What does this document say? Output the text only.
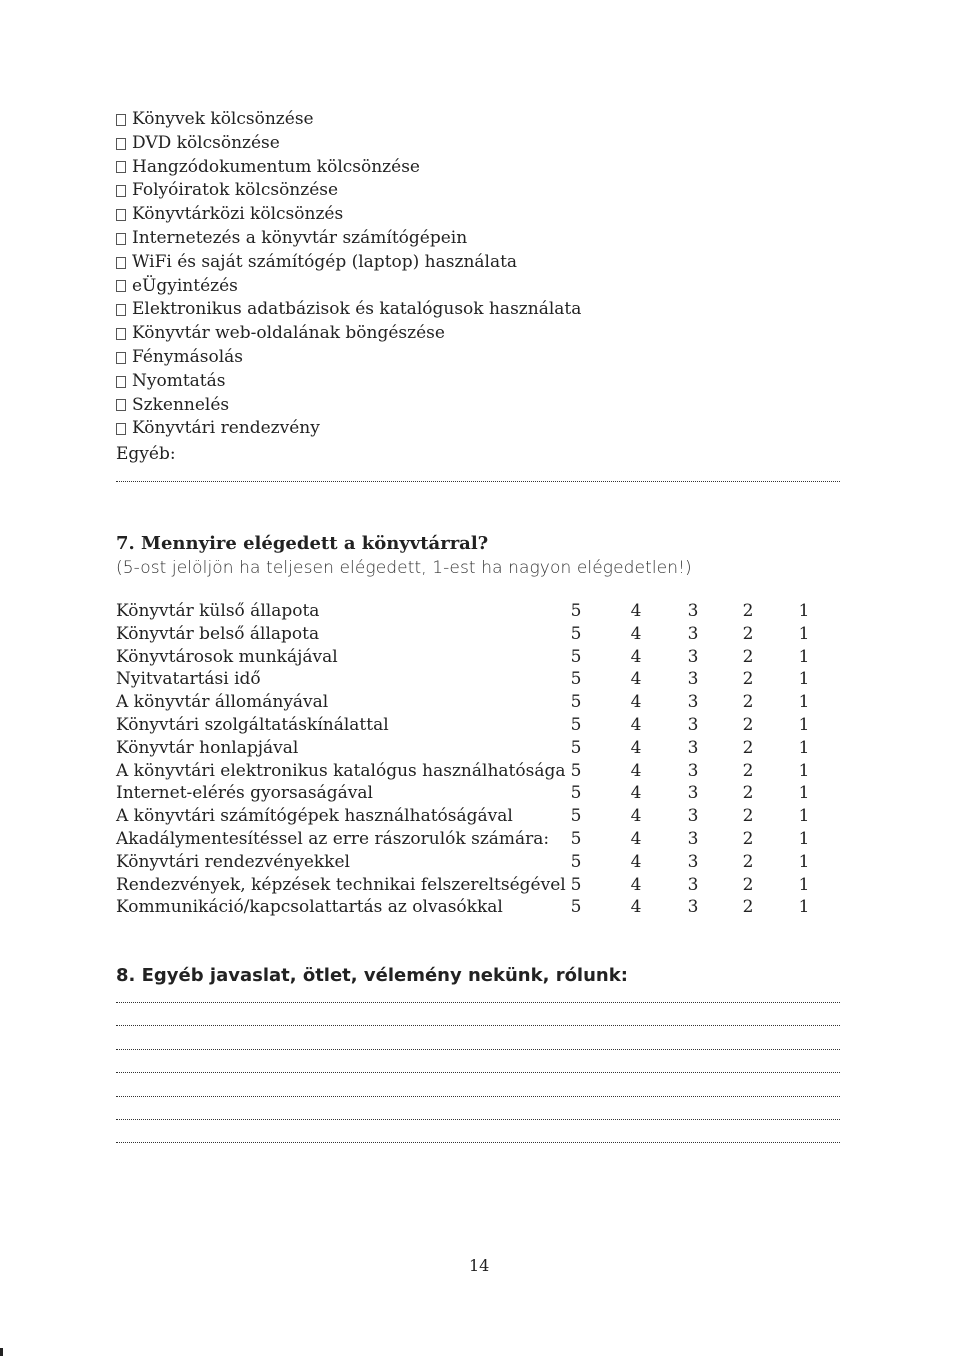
Könyvek kölcsönzése
DVD kölcsönzése
Hangzódokumentum kölcsönzése
Folyóiratok kölcsönzése
Könyvtárközi kölcsönzés
Internetezés a könyvtár számítógépein
WiFi és saját számítógép (laptop) használata
eÜgyintézés
Elektronikus adatbázisok és katalógusok használata
Könyvtár web-oldalának böngészése
Fénymásolás
Nyomtatás
Szkennelés
Könyvtári rendezvény
Egyéb:
7. Mennyire elégedett a könyvtárral?
(5-ost jelöljön ha teljesen elégedett, 1-est ha nagyon elégedetlen!)
Könyvtár külső állapota	5	4	3	2	1
Könyvtár belső állapota	5	4	3	2	1
Könyvtárosok munkájával	5	4	3	2	1
Nyitvatartási idő	5	4	3	2	1
A könyvtár állományával	5	4	3	2	1
Könyvtári szolgáltatáskínálattal	5	4	3	2	1
Könyvtár honlapjával	5	4	3	2	1
A könyvtári elektronikus katalógus használhatósága 5	4	3	2	1
Internet-elérés gyorsaságával	5	4	3	2	1
A könyvtári számítógépek használhatóságával	5	4	3	2	1
Akadálymentesítéssel az erre rászorulók számára: 5	4	3	2	1
Könyvtári rendezvényekkel	5	4	3	2	1
Rendezvények, képzések technikai felszereltségével 5	4	3	2	1
Kommunikáció/kapcsolattartás az olvasókkal	5	4	3	2	1
8. Egyéb javaslat, ötlet, vélemény nekünk, rólunk:
14
